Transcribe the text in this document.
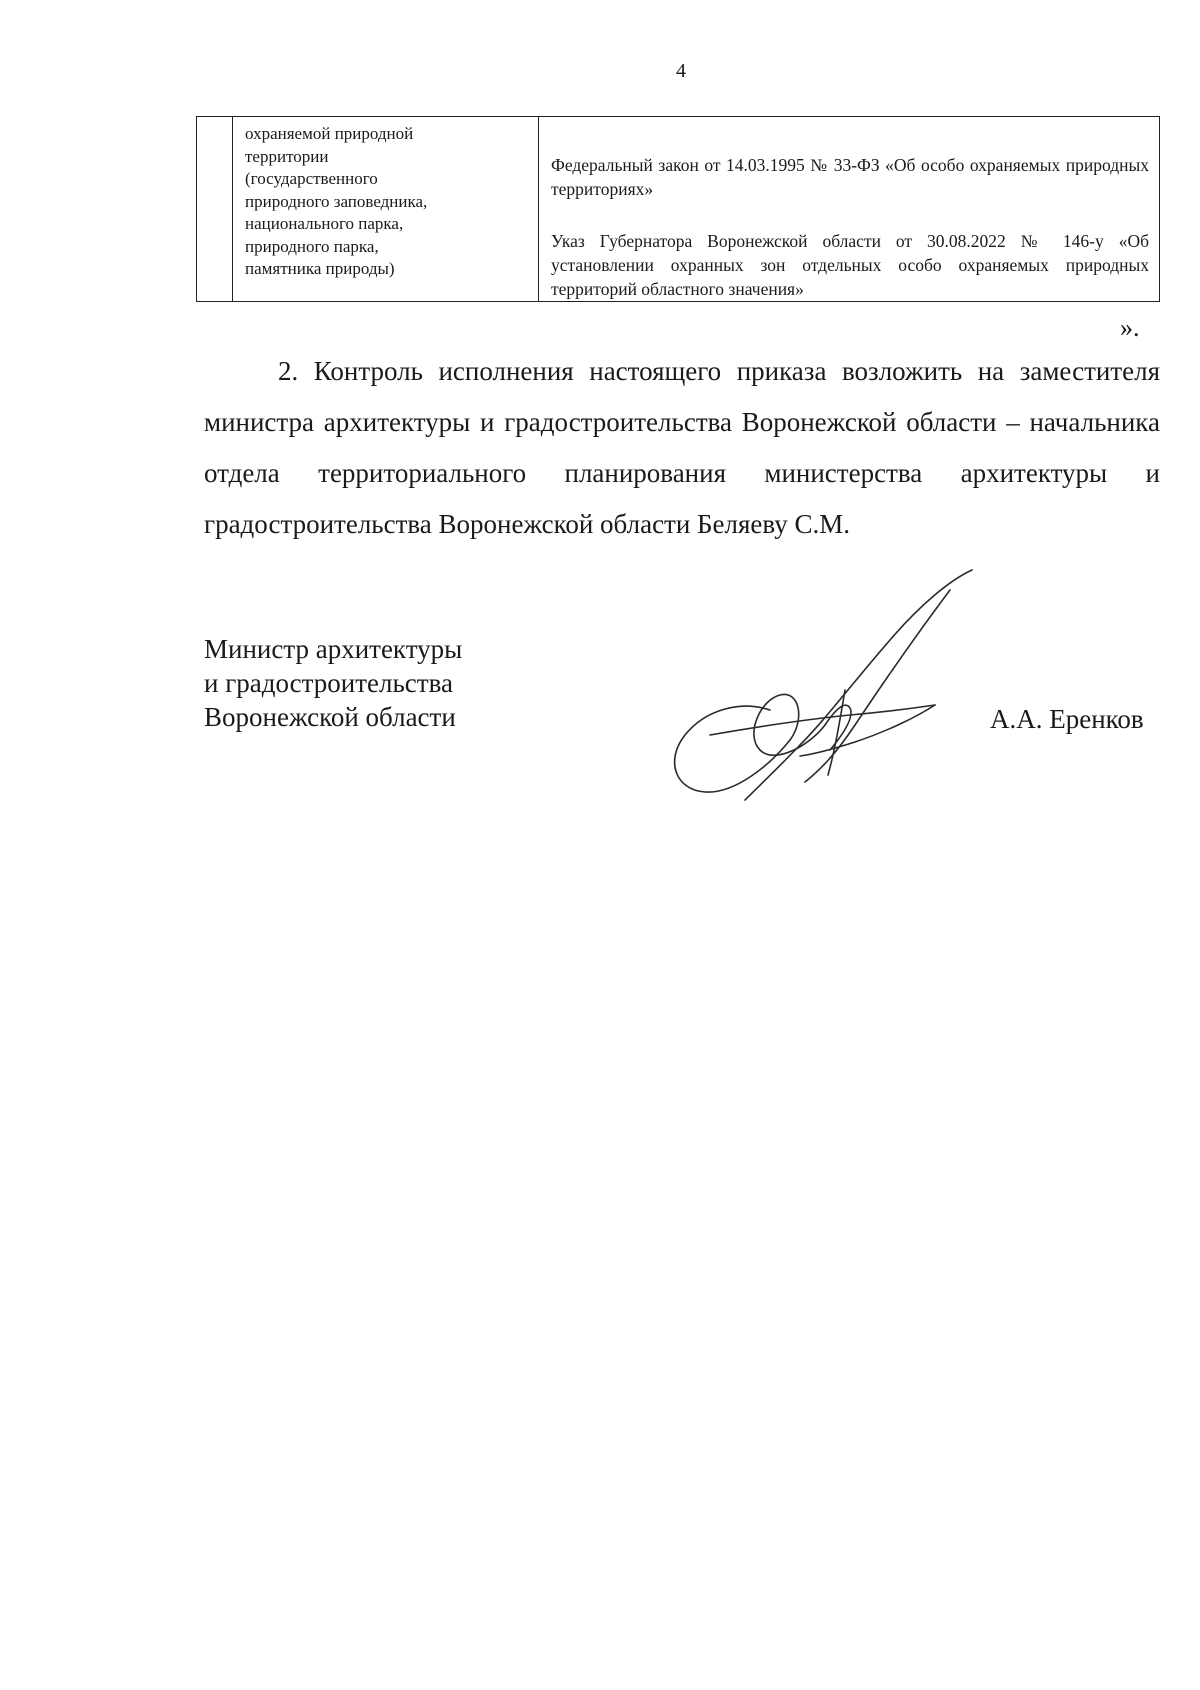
4
охраняемой природной
территории
(государственного
природного заповедника,
национального парка,
природного парка,
памятника природы)

Федеральный закон от 14.03.1995 № 33-ФЗ «Об особо охраняемых природных территориях»

Указ Губернатора Воронежской области от 30.08.2022 № 146-у «Об установлении охранных зон отдельных особо охраняемых природных территорий областного значения»

».

2. Контроль исполнения настоящего приказа возложить на заместителя министра архитектуры и градостроительства Воронежской области – начальника отдела территориального планирования министерства архитектуры и градостроительства Воронежской области Беляеву С.М.

Министр архитектуры
и градостроительства
Воронежской области	А.А. Еренков
